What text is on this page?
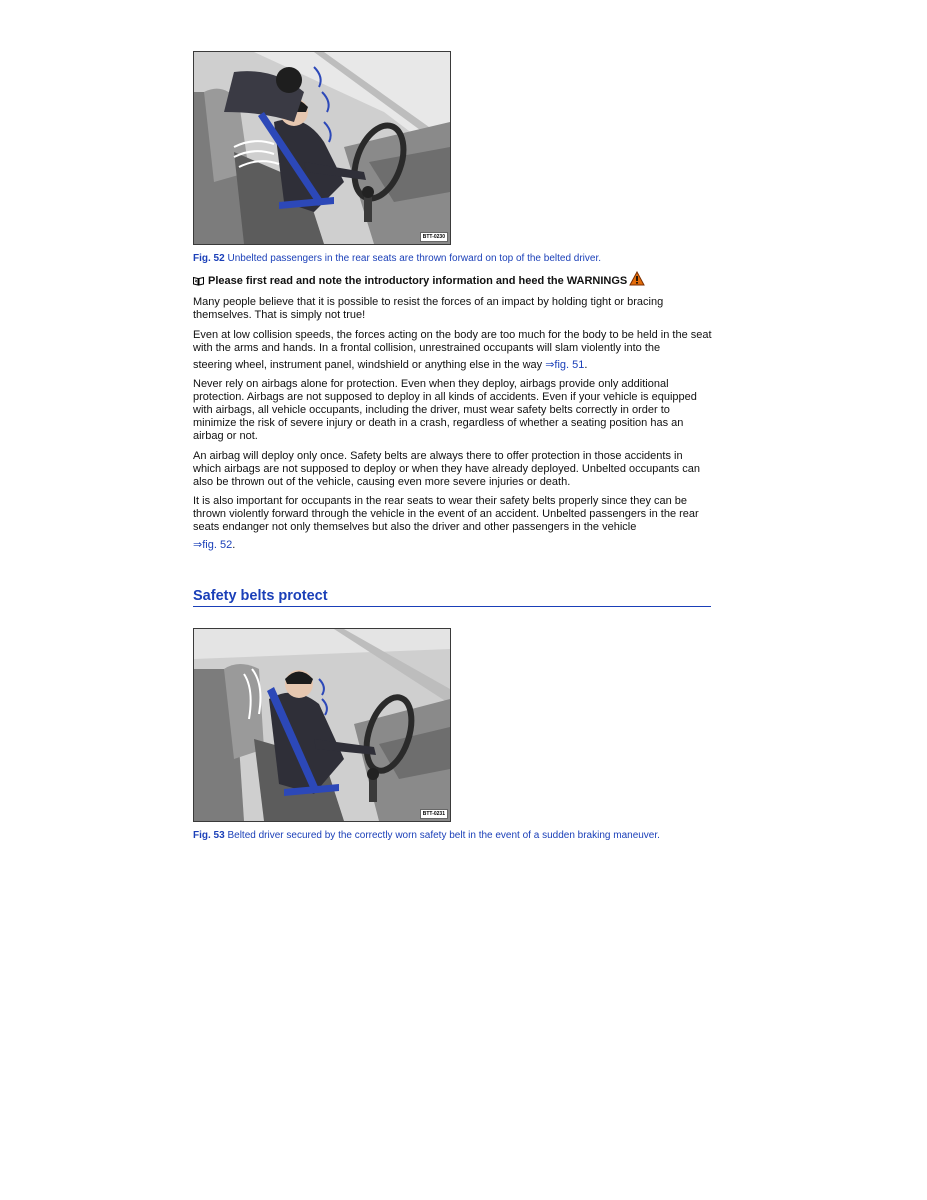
BTT-0230
Fig. 52 Unbelted passengers in the rear seats are thrown forward on top of the belted driver.
Please first read and note the introductory information and heed the WARNINGS
Many people believe that it is possible to resist the forces of an impact by holding tight or bracing themselves. That is simply not true!
Even at low collision speeds, the forces acting on the body are too much for the body to be held in the seat with the arms and hands. In a frontal collision, unrestrained occupants will slam violently into the
steering wheel, instrument panel, windshield or anything else in the way ⇒fig. 51.
Never rely on airbags alone for protection. Even when they deploy, airbags provide only additional protection. Airbags are not supposed to deploy in all kinds of accidents. Even if your vehicle is equipped with airbags, all vehicle occupants, including the driver, must wear safety belts correctly in order to minimize the risk of severe injury or death in a crash, regardless of whether a seating position has an airbag or not.
An airbag will deploy only once. Safety belts are always there to offer protection in those accidents in which airbags are not supposed to deploy or when they have already deployed. Unbelted occupants can also be thrown out of the vehicle, causing even more severe injuries or death.
It is also important for occupants in the rear seats to wear their safety belts properly since they can be thrown violently forward through the vehicle in the event of an accident. Unbelted passengers in the rear seats endanger not only themselves but also the driver and other passengers in the vehicle
⇒fig. 52.
Safety belts protect
BTT-0231
Fig. 53 Belted driver secured by the correctly worn safety belt in the event of a sudden braking maneuver.
